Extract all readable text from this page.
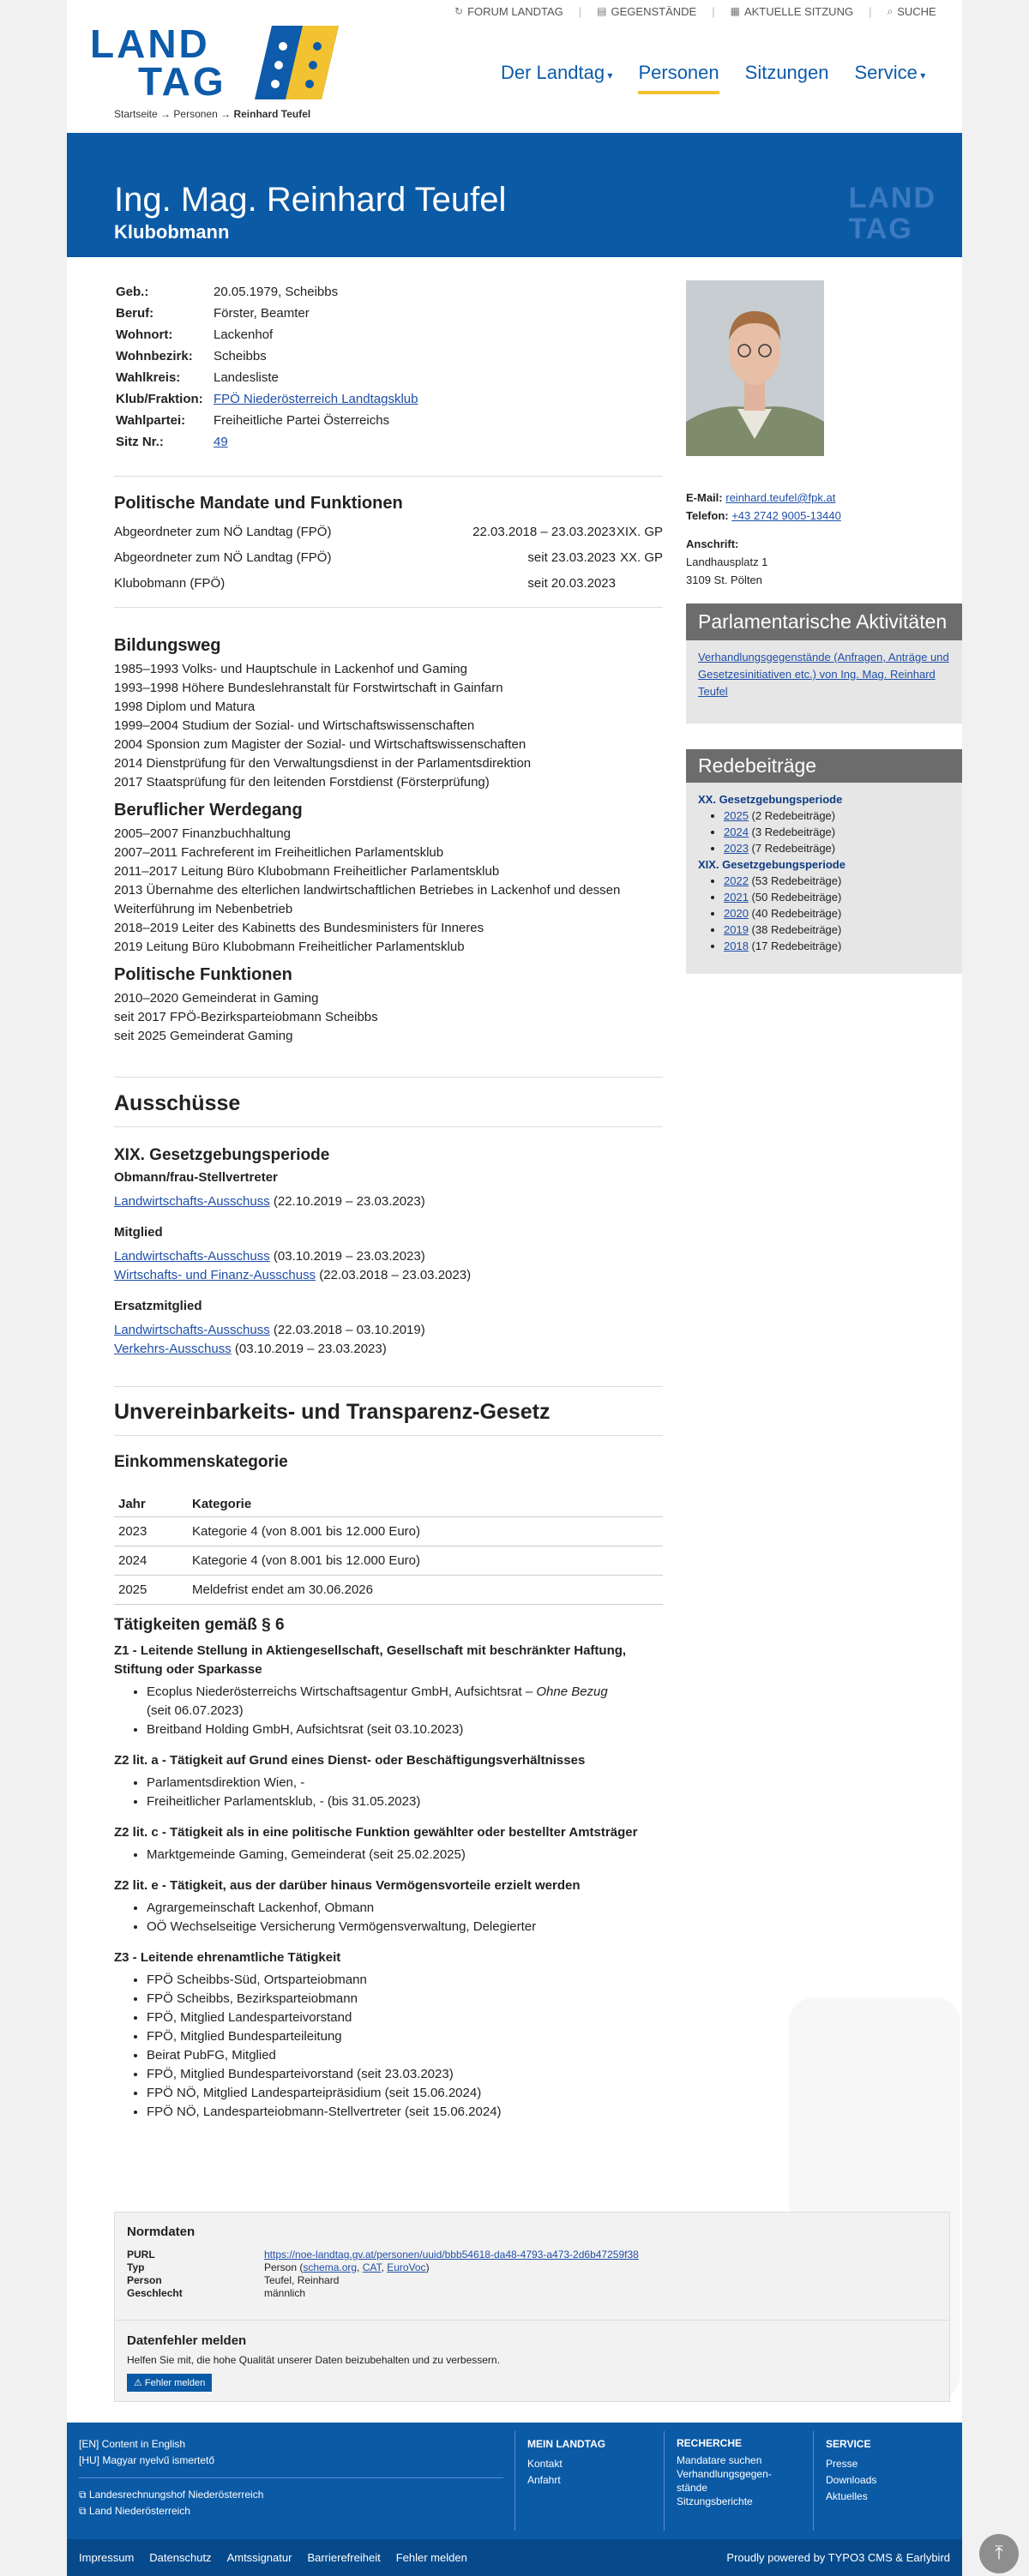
↻ FORUM LANDTAG | ▤ GEGENSTÄNDE | ▦ AKTUELLE SITZUNG | ⌕ SUCHE
LAND
TAG
Startseite → Personen → Reinhard Teufel
Der Landtag ▾ Personen Sitzungen Service ▾
Ing. Mag. Reinhard Teufel
Klubobmann
LAND
TAG
Geb.:	20.05.1979, Scheibbs
Beruf:	Förster, Beamter
Wohnort:	Lackenhof
Wohnbezirk:	Scheibbs
Wahlkreis:	Landesliste
Klub/Fraktion:	FPÖ Niederösterreich Landtagsklub
Wahlpartei:	Freiheitliche Partei Österreichs
Sitz Nr.:	49
Politische Mandate und Funktionen
Abgeordneter zum NÖ Landtag (FPÖ)	22.03.2018 – 23.03.2023 XIX. GP
Abgeordneter zum NÖ Landtag (FPÖ)	seit 23.03.2023 XX. GP
Klubobmann (FPÖ)	seit 20.03.2023
Bildungsweg
1985–1993 Volks- und Hauptschule in Lackenhof und Gaming
1993–1998 Höhere Bundeslehranstalt für Forstwirtschaft in Gainfarn
1998 Diplom und Matura
1999–2004 Studium der Sozial- und Wirtschaftswissenschaften
2004 Sponsion zum Magister der Sozial- und Wirtschaftswissenschaften
2014 Dienstprüfung für den Verwaltungsdienst in der Parlamentsdirektion
2017 Staatsprüfung für den leitenden Forstdienst (Försterprüfung)
Beruflicher Werdegang
2005–2007 Finanzbuchhaltung
2007–2011 Fachreferent im Freiheitlichen Parlamentsklub
2011–2017 Leitung Büro Klubobmann Freiheitlicher Parlamentsklub
2013 Übernahme des elterlichen landwirtschaftlichen Betriebes in Lackenhof und dessen Weiterführung im Nebenbetrieb
2018–2019 Leiter des Kabinetts des Bundesministers für Inneres
2019 Leitung Büro Klubobmann Freiheitlicher Parlamentsklub
Politische Funktionen
2010–2020 Gemeinderat in Gaming
seit 2017 FPÖ-Bezirksparteiobmann Scheibbs
seit 2025 Gemeinderat Gaming
Ausschüsse
XIX. Gesetzgebungsperiode
Obmann/frau-Stellvertreter
Landwirtschafts-Ausschuss (22.10.2019 – 23.03.2023)
Mitglied
Landwirtschafts-Ausschuss (03.10.2019 – 23.03.2023)
Wirtschafts- und Finanz-Ausschuss (22.03.2018 – 23.03.2023)
Ersatzmitglied
Landwirtschafts-Ausschuss (22.03.2018 – 03.10.2019)
Verkehrs-Ausschuss (03.10.2019 – 23.03.2023)
Unvereinbarkeits- und Transparenz-Gesetz
Einkommenskategorie
Jahr	Kategorie
2023	Kategorie 4 (von 8.001 bis 12.000 Euro)
2024	Kategorie 4 (von 8.001 bis 12.000 Euro)
2025	Meldefrist endet am 30.06.2026
Tätigkeiten gemäß § 6
Z1 - Leitende Stellung in Aktiengesellschaft, Gesellschaft mit beschränkter Haftung, Stiftung oder Sparkasse
• Ecoplus Niederösterreichs Wirtschaftsagentur GmbH, Aufsichtsrat – Ohne Bezug
(seit 06.07.2023)
• Breitband Holding GmbH, Aufsichtsrat (seit 03.10.2023)
Z2 lit. a - Tätigkeit auf Grund eines Dienst- oder Beschäftigungsverhältnisses
• Parlamentsdirektion Wien, -
• Freiheitlicher Parlamentsklub, - (bis 31.05.2023)
Z2 lit. c - Tätigkeit als in eine politische Funktion gewählter oder bestellter Amtsträger
• Marktgemeinde Gaming, Gemeinderat (seit 25.02.2025)
Z2 lit. e - Tätigkeit, aus der darüber hinaus Vermögensvorteile erzielt werden
• Agrargemeinschaft Lackenhof, Obmann
• OÖ Wechselseitige Versicherung Vermögensverwaltung, Delegierter
Z3 - Leitende ehrenamtliche Tätigkeit
• FPÖ Scheibbs-Süd, Ortsparteiobmann
• FPÖ Scheibbs, Bezirksparteiobmann
• FPÖ, Mitglied Landesparteivorstand
• FPÖ, Mitglied Bundesparteileitung
• Beirat PubFG, Mitglied
• FPÖ, Mitglied Bundesparteivorstand (seit 23.03.2023)
• FPÖ NÖ, Mitglied Landesparteipräsidium (seit 15.06.2024)
• FPÖ NÖ, Landesparteiobmann-Stellvertreter (seit 15.06.2024)
E-Mail: reinhard.teufel@fpk.at
Telefon: +43 2742 9005-13440
Anschrift:
Landhausplatz 1
3109 St. Pölten
Parlamentarische Aktivitäten
Verhandlungsgegenstände (Anfragen, Anträge und Gesetzesinitiativen etc.) von Ing. Mag. Reinhard Teufel
Redebeiträge
XX. Gesetzgebungsperiode
• 2025 (2 Redebeiträge)
• 2024 (3 Redebeiträge)
• 2023 (7 Redebeiträge)
XIX. Gesetzgebungsperiode
• 2022 (53 Redebeiträge)
• 2021 (50 Redebeiträge)
• 2020 (40 Redebeiträge)
• 2019 (38 Redebeiträge)
• 2018 (17 Redebeiträge)
Normdaten
PURL	https://noe-landtag.gv.at/personen/uuid/bbb54618-da48-4793-a473-2d6b47259f38
Typ	Person (schema.org, CAT, EuroVoc)
Person	Teufel, Reinhard
Geschlecht	männlich
Datenfehler melden
Helfen Sie mit, die hohe Qualität unserer Daten beizubehalten und zu verbessern.
⚠ Fehler melden
[EN] Content in English
[HU] Magyar nyelvű ismertető
⧉ Landesrechnungshof Niederösterreich
⧉ Land Niederösterreich
MEIN LANDTAG
Kontakt
Anfahrt
RECHERCHE
Mandatare suchen
Verhandlungsgegen-
stände
Sitzungsberichte
SERVICE
Presse
Downloads
Aktuelles
Impressum Datenschutz Amtssignatur Barrierefreiheit Fehler melden	Proudly powered by TYPO3 CMS & Earlybird	⤒
